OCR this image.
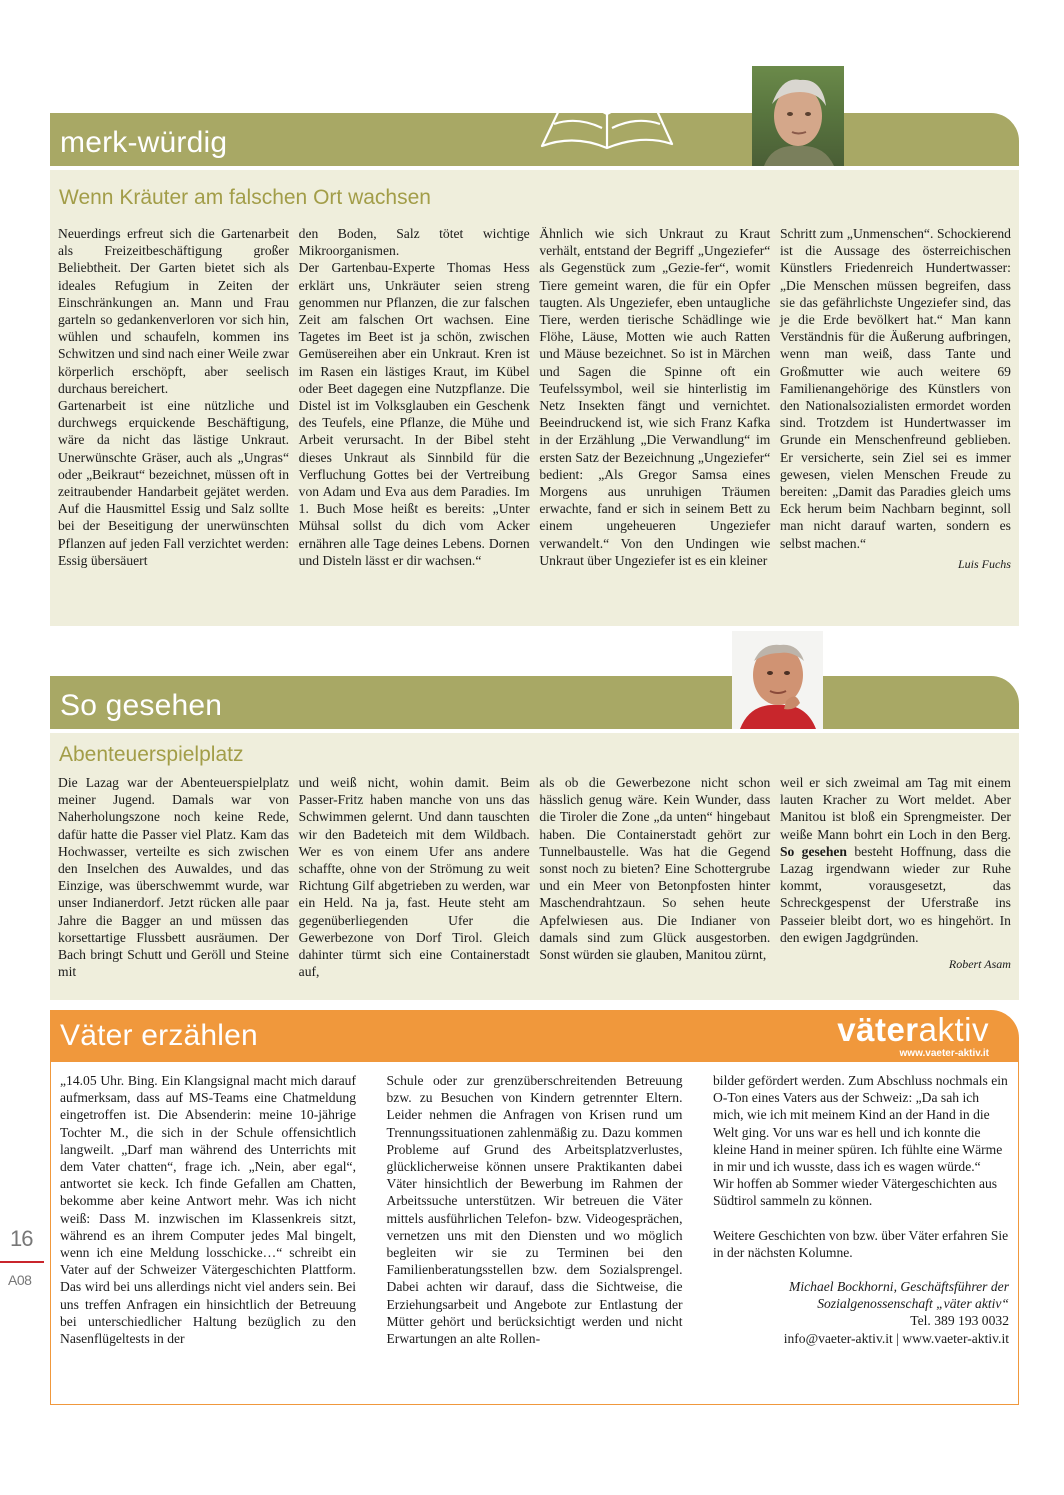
merk-würdig
Wenn Kräuter am falschen Ort wachsen

Neuerdings erfreut sich die Gartenarbeit als Freizeitbeschäftigung großer Beliebtheit. Der Garten bietet sich als ideales Refugium in Zeiten der Einschränkungen an. Mann und Frau garteln so gedankenverloren vor sich hin, wühlen und schaufeln, kommen ins Schwitzen und sind nach einer Weile zwar körperlich erschöpft, aber seelisch durchaus bereichert.

Gartenarbeit ist eine nützliche und durchwegs erquickende Beschäftigung, wäre da nicht das lästige Unkraut. Unerwünschte Gräser, auch als „Ungras“ oder „Beikraut“ bezeichnet, müssen oft in zeitraubender Handarbeit gejätet werden. Auf die Hausmittel Essig und Salz sollte bei der Beseitigung der unerwünschten Pflanzen auf jeden Fall verzichtet werden: Essig übersäuert

den Boden, Salz tötet wichtige Mikroorganismen.

Der Gartenbau-Experte Thomas Hess erklärt uns, Unkräuter seien streng genommen nur Pflanzen, die zur falschen Zeit am falschen Ort wachsen. Eine Tagetes im Beet ist ja schön, zwischen Gemüsereihen aber ein Unkraut. Kren ist im Rasen ein lästiges Kraut, im Kübel oder Beet dagegen eine Nutzpflanze. Die Distel ist im Volksglauben ein Geschenk des Teufels, eine Pflanze, die Mühe und Arbeit verursacht. In der Bibel steht dieses Unkraut als Sinnbild für die Verfluchung Gottes bei der Vertreibung von Adam und Eva aus dem Paradies. Im 1. Buch Mose heißt es bereits: „Unter Mühsal sollst du dich vom Acker ernähren alle Tage deines Lebens. Dornen und Disteln lässt er dir wachsen.“

Ähnlich wie sich Unkraut zu Kraut verhält, entstand der Begriff „Ungeziefer“ als Gegenstück zum „Gezie-fer“, womit Tiere gemeint waren, die für ein Opfer taugten. Als Ungeziefer, eben untaugliche Tiere, werden tierische Schädlinge wie Flöhe, Läuse, Motten wie auch Ratten und Mäuse bezeichnet. So ist in Märchen und Sagen die Spinne oft ein Teufelssymbol, weil sie hinterlistig im Netz Insekten fängt und vernichtet. Beeindruckend ist, wie sich Franz Kafka in der Erzählung „Die Verwandlung“ im ersten Satz der Bezeichnung „Ungeziefer“ bedient: „Als Gregor Samsa eines Morgens aus unruhigen Träumen erwachte, fand er sich in seinem Bett zu einem ungeheueren Ungeziefer verwandelt.“ Von den Undingen wie Unkraut über Ungeziefer ist es ein kleiner

Schritt zum „Unmenschen“. Schockierend ist die Aussage des österreichischen Künstlers Friedenreich Hundertwasser: „Die Menschen müssen begreifen, dass sie das gefährlichste Ungeziefer sind, das je die Erde bevölkert hat.“ Man kann Verständnis für die Äußerung aufbringen, wenn man weiß, dass Tante und Großmutter wie auch weitere 69 Familienangehörige des Künstlers von den Nationalsozialisten ermordet worden sind. Trotzdem ist Hundertwasser im Grunde ein Menschenfreund geblieben. Er versicherte, sein Ziel sei es immer gewesen, vielen Menschen Freude zu bereiten: „Damit das Paradies gleich ums Eck herum beim Nachbarn beginnt, soll man nicht darauf warten, sondern es selbst machen.“

Luis Fuchs
So gesehen
Abenteuerspielplatz

Die Lazag war der Abenteuerspielplatz meiner Jugend. Damals war von Naherholungszone noch keine Rede, dafür hatte die Passer viel Platz. Kam das Hochwasser, verteilte es sich zwischen den Inselchen des Auwaldes, und das Einzige, was überschwemmt wurde, war unser Indianerdorf. Jetzt rücken alle paar Jahre die Bagger an und müssen das korsettartige Flussbett ausräumen. Der Bach bringt Schutt und Geröll und Steine mit

und weiß nicht, wohin damit. Beim Passer-Fritz haben manche von uns das Schwimmen gelernt. Und dann tauschten wir den Badeteich mit dem Wildbach. Wer es von einem Ufer ans andere schaffte, ohne von der Strömung zu weit Richtung Gilf abgetrieben zu werden, war ein Held. Na ja, fast. Heute steht am gegenüberliegenden Ufer die Gewerbezone von Dorf Tirol. Gleich dahinter türmt sich eine Containerstadt auf,

als ob die Gewerbezone nicht schon hässlich genug wäre. Kein Wunder, dass die Tiroler die Zone „da unten“ hingebaut haben. Die Containerstadt gehört zur Tunnelbaustelle. Was hat die Gegend sonst noch zu bieten? Eine Schottergrube und ein Meer von Betonpfosten hinter Maschendrahtzaun. So sehen heute Apfelwiesen aus. Die Indianer von damals sind zum Glück ausgestorben. Sonst würden sie glauben, Manitou zürnt,

weil er sich zweimal am Tag mit einem lauten Kracher zu Wort meldet. Aber Manitou ist bloß ein Sprengmeister. Der weiße Mann bohrt ein Loch in den Berg. So gesehen besteht Hoffnung, dass die Lazag irgendwann wieder zur Ruhe kommt, vorausgesetzt, das Schreckgespenst der Uferstraße ins Passeier bleibt dort, wo es hingehört. In den ewigen Jagdgründen.

Robert Asam
Väter erzählen	väteraktiv
www.vaeter-aktiv.it

„14.05 Uhr. Bing. Ein Klangsignal macht mich darauf aufmerksam, dass auf MS-Teams eine Chatmeldung eingetroffen ist. Die Absenderin: meine 10-jährige Tochter M., die sich in der Schule offensichtlich langweilt. „Darf man während des Unterrichts mit dem Vater chatten“, frage ich. „Nein, aber egal“, antwortet sie keck. Ich finde Gefallen am Chatten, bekomme aber keine Antwort mehr. Was ich nicht weiß: Dass M. inzwischen im Klassenkreis sitzt, während es an ihrem Computer jedes Mal bingelt, wenn ich eine Meldung losschicke…“ schreibt ein Vater auf der Schweizer Vätergeschichten Plattform. Das wird bei uns allerdings nicht viel anders sein. Bei uns treffen Anfragen ein hinsichtlich der Betreuung bei unterschiedlicher Haltung bezüglich zu den Nasenflügeltests in der

Schule oder zur grenzüberschreitenden Betreuung bzw. zu Besuchen von Kindern getrennter Eltern. Leider nehmen die Anfragen von Krisen rund um Trennungssituationen zahlenmäßig zu. Dazu kommen Probleme auf Grund des Arbeitsplatzverlustes, glücklicherweise können unsere Praktikanten dabei Väter hinsichtlich der Bewerbung im Rahmen der Arbeitssuche unterstützen. Wir betreuen die Väter mittels ausführlichen Telefon- bzw. Videogesprächen, vernetzen uns mit den Diensten und wo möglich begleiten wir sie zu Terminen bei den Familienberatungsstellen bzw. dem Sozialsprengel. Dabei achten wir darauf, dass die Sichtweise, die Erziehungsarbeit und Angebote zur Entlastung der Mütter gehört und berücksichtigt werden und nicht Erwartungen an alte Rollen-

bilder gefördert werden. Zum Abschluss nochmals ein O-Ton eines Vaters aus der Schweiz: „Da sah ich mich, wie ich mit meinem Kind an der Hand in die Welt ging. Vor uns war es hell und ich konnte die kleine Hand in meiner spüren. Ich fühlte eine Wärme in mir und ich wusste, dass ich es wagen würde.“

Wir hoffen ab Sommer wieder Vätergeschichten aus Südtirol sammeln zu können.

Weitere Geschichten von bzw. über Väter erfahren Sie in der nächsten Kolumne.

Michael Bockhorni, Geschäftsführer der
Sozialgenossenschaft „väter aktiv“
Tel. 389 193 0032
info@vaeter-aktiv.it | www.vaeter-aktiv.it
16
A08
